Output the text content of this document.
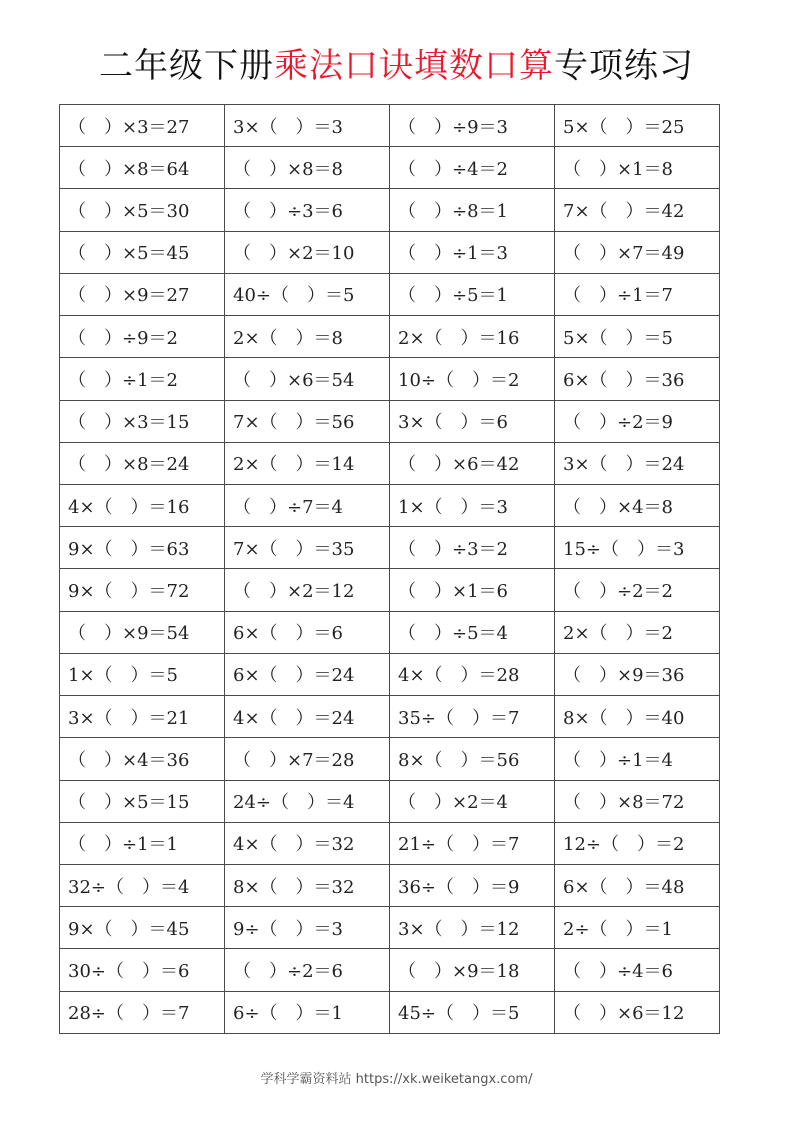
二年级下册乘法口诀填数口算专项练习
（　）×3＝27	3×（　）＝3	（　）÷9＝3	5×（　）＝25
（　）×8＝64	（　）×8＝8	（　）÷4＝2	（　）×1＝8
（　）×5＝30	（　）÷3＝6	（　）÷8＝1	7×（　）＝42
（　）×5＝45	（　）×2＝10	（　）÷1＝3	（　）×7＝49
（　）×9＝27	40÷（　）＝5	（　）÷5＝1	（　）÷1＝7
（　）÷9＝2	2×（　）＝8	2×（　）＝16	5×（　）＝5
（　）÷1＝2	（　）×6＝54	10÷（　）＝2	6×（　）＝36
（　）×3＝15	7×（　）＝56	3×（　）＝6	（　）÷2＝9
（　）×8＝24	2×（　）＝14	（　）×6＝42	3×（　）＝24
4×（　）＝16	（　）÷7＝4	1×（　）＝3	（　）×4＝8
9×（　）＝63	7×（　）＝35	（　）÷3＝2	15÷（　）＝3
9×（　）＝72	（　）×2＝12	（　）×1＝6	（　）÷2＝2
（　）×9＝54	6×（　）＝6	（　）÷5＝4	2×（　）＝2
1×（　）＝5	6×（　）＝24	4×（　）＝28	（　）×9＝36
3×（　）＝21	4×（　）＝24	35÷（　）＝7	8×（　）＝40
（　）×4＝36	（　）×7＝28	8×（　）＝56	（　）÷1＝4
（　）×5＝15	24÷（　）＝4	（　）×2＝4	（　）×8＝72
（　）÷1＝1	4×（　）＝32	21÷（　）＝7	12÷（　）＝2
32÷（　）＝4	8×（　）＝32	36÷（　）＝9	6×（　）＝48
9×（　）＝45	9÷（　）＝3	3×（　）＝12	2÷（　）＝1
30÷（　）＝6	（　）÷2＝6	（　）×9＝18	（　）÷4＝6
28÷（　）＝7	6÷（　）＝1	45÷（　）＝5	（　）×6＝12
学科学霸资料站 https://xk.weiketangx.com/
